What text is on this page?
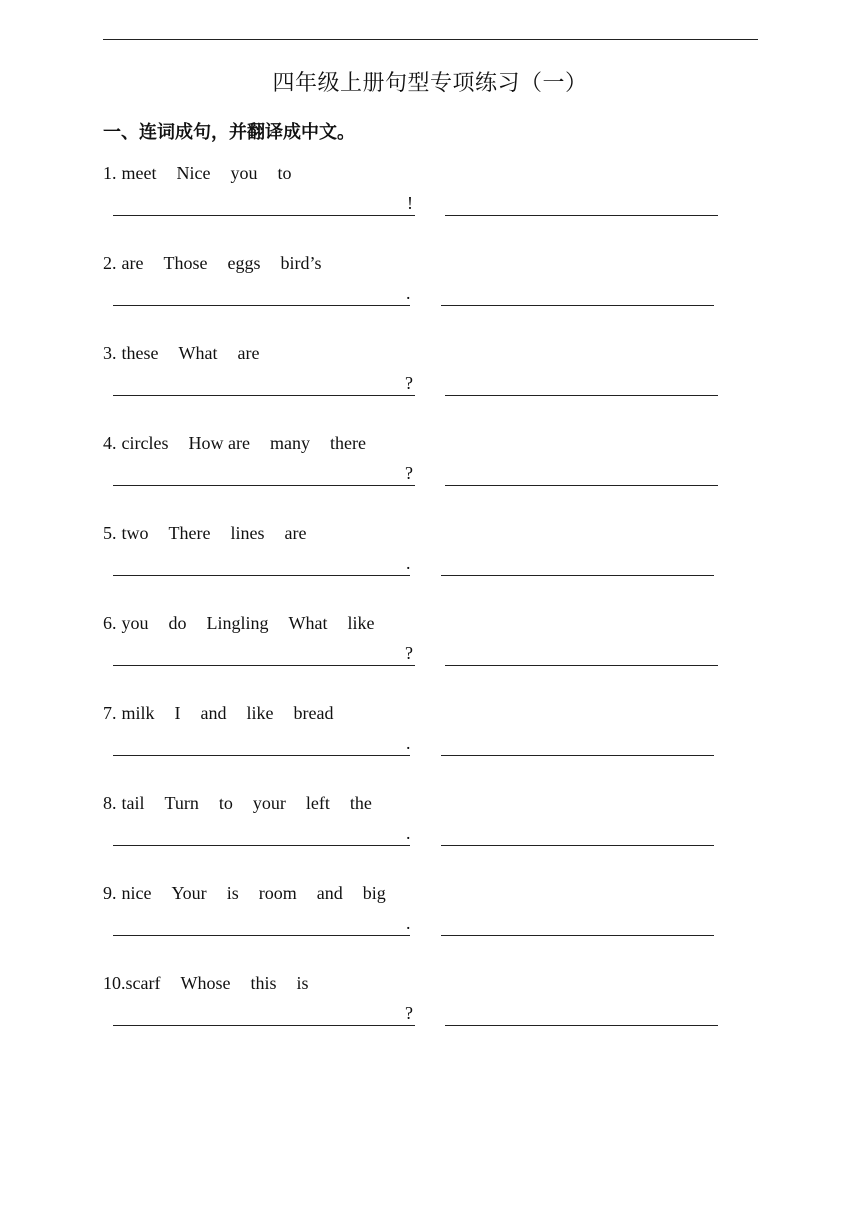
四年级上册句型专项练习（一）
一、连词成句，并翻译成中文。
1. meet Nice you to
!
2. are Those eggs bird’s
.
3. these What are
?
4. circles How are many there
?
5. two There lines are
.
6. you do Lingling What like
?
7. milk I and like bread
.
8. tail Turn to your left the
.
9. nice Your is room and big
.
10.scarf Whose this is
?
